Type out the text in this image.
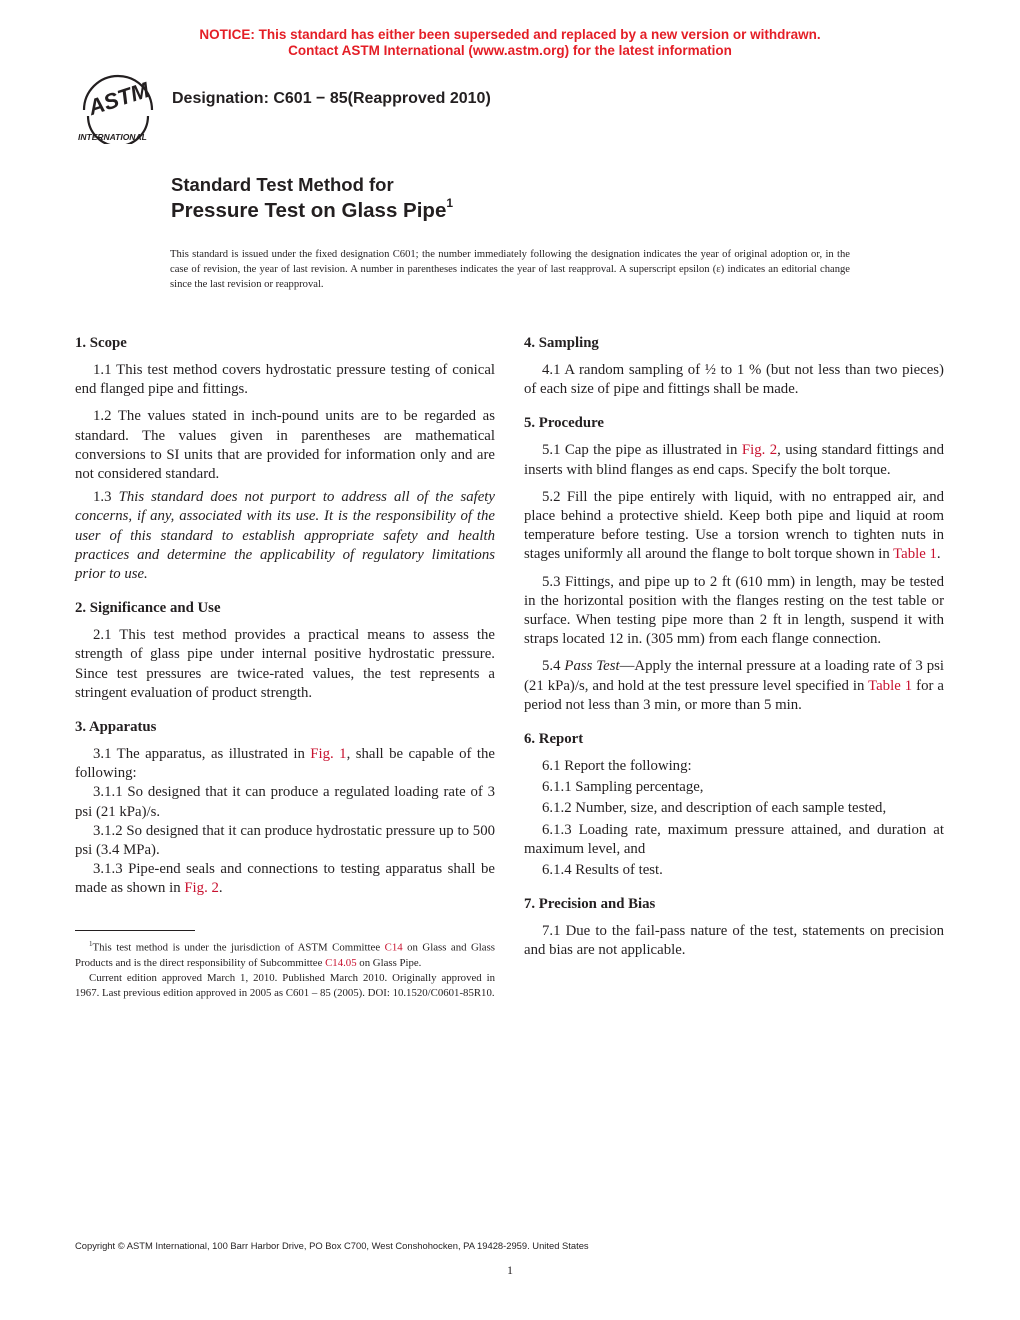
NOTICE: This standard has either been superseded and replaced by a new version or withdrawn.
Contact ASTM International (www.astm.org) for the latest information
ASTM
INTERNATIONAL
Designation: C601 − 85(Reapproved 2010)
Standard Test Method for
Pressure Test on Glass Pipe$^1$
This standard is issued under the fixed designation C601; the number immediately following the designation indicates the year of original adoption or, in the case of revision, the year of last revision. A number in parentheses indicates the year of last reapproval. A superscript epsilon (ε) indicates an editorial change since the last revision or reapproval.
1. Scope

1.1 This test method covers hydrostatic pressure testing of conical end flanged pipe and fittings.

1.2 The values stated in inch-pound units are to be regarded as standard. The values given in parentheses are mathematical conversions to SI units that are provided for information only and are not considered standard.

1.3 This standard does not purport to address all of the safety concerns, if any, associated with its use. It is the responsibility of the user of this standard to establish appropriate safety and health practices and determine the applicability of regulatory limitations prior to use.

2. Significance and Use

2.1 This test method provides a practical means to assess the strength of glass pipe under internal positive hydrostatic pressure. Since test pressures are twice-rated values, the test represents a stringent evaluation of product strength.

3. Apparatus

3.1 The apparatus, as illustrated in Fig. 1, shall be capable of the following:

3.1.1 So designed that it can produce a regulated loading rate of 3 psi (21 kPa)/s.

3.1.2 So designed that it can produce hydrostatic pressure up to 500 psi (3.4 MPa).

3.1.3 Pipe-end seals and connections to testing apparatus shall be made as shown in Fig. 2.

$^1$This test method is under the jurisdiction of ASTM Committee C14 on Glass and Glass Products and is the direct responsibility of Subcommittee C14.05 on Glass Pipe.

Current edition approved March 1, 2010. Published March 2010. Originally approved in 1967. Last previous edition approved in 2005 as C601 – 85 (2005). DOI: 10.1520/C0601-85R10.

4. Sampling

4.1 A random sampling of ½ to 1 % (but not less than two pieces) of each size of pipe and fittings shall be made.

5. Procedure

5.1 Cap the pipe as illustrated in Fig. 2, using standard fittings and inserts with blind flanges as end caps. Specify the bolt torque.

5.2 Fill the pipe entirely with liquid, with no entrapped air, and place behind a protective shield. Keep both pipe and liquid at room temperature before testing. Use a torsion wrench to tighten nuts in stages uniformly all around the flange to bolt torque shown in Table 1.

5.3 Fittings, and pipe up to 2 ft (610 mm) in length, may be tested in the horizontal position with the flanges resting on the test table or surface. When testing pipe more than 2 ft in length, suspend it with straps located 12 in. (305 mm) from each flange connection.

5.4 Pass Test—Apply the internal pressure at a loading rate of 3 psi (21 kPa)/s, and hold at the test pressure level specified in Table 1 for a period not less than 3 min, or more than 5 min.

6. Report

6.1 Report the following:

6.1.1 Sampling percentage,

6.1.2 Number, size, and description of each sample tested,

6.1.3 Loading rate, maximum pressure attained, and duration at maximum level, and

6.1.4 Results of test.

7. Precision and Bias

7.1 Due to the fail-pass nature of the test, statements on precision and bias are not applicable.

Copyright © ASTM International, 100 Barr Harbor Drive, PO Box C700, West Conshohocken, PA 19428-2959. United States
1
